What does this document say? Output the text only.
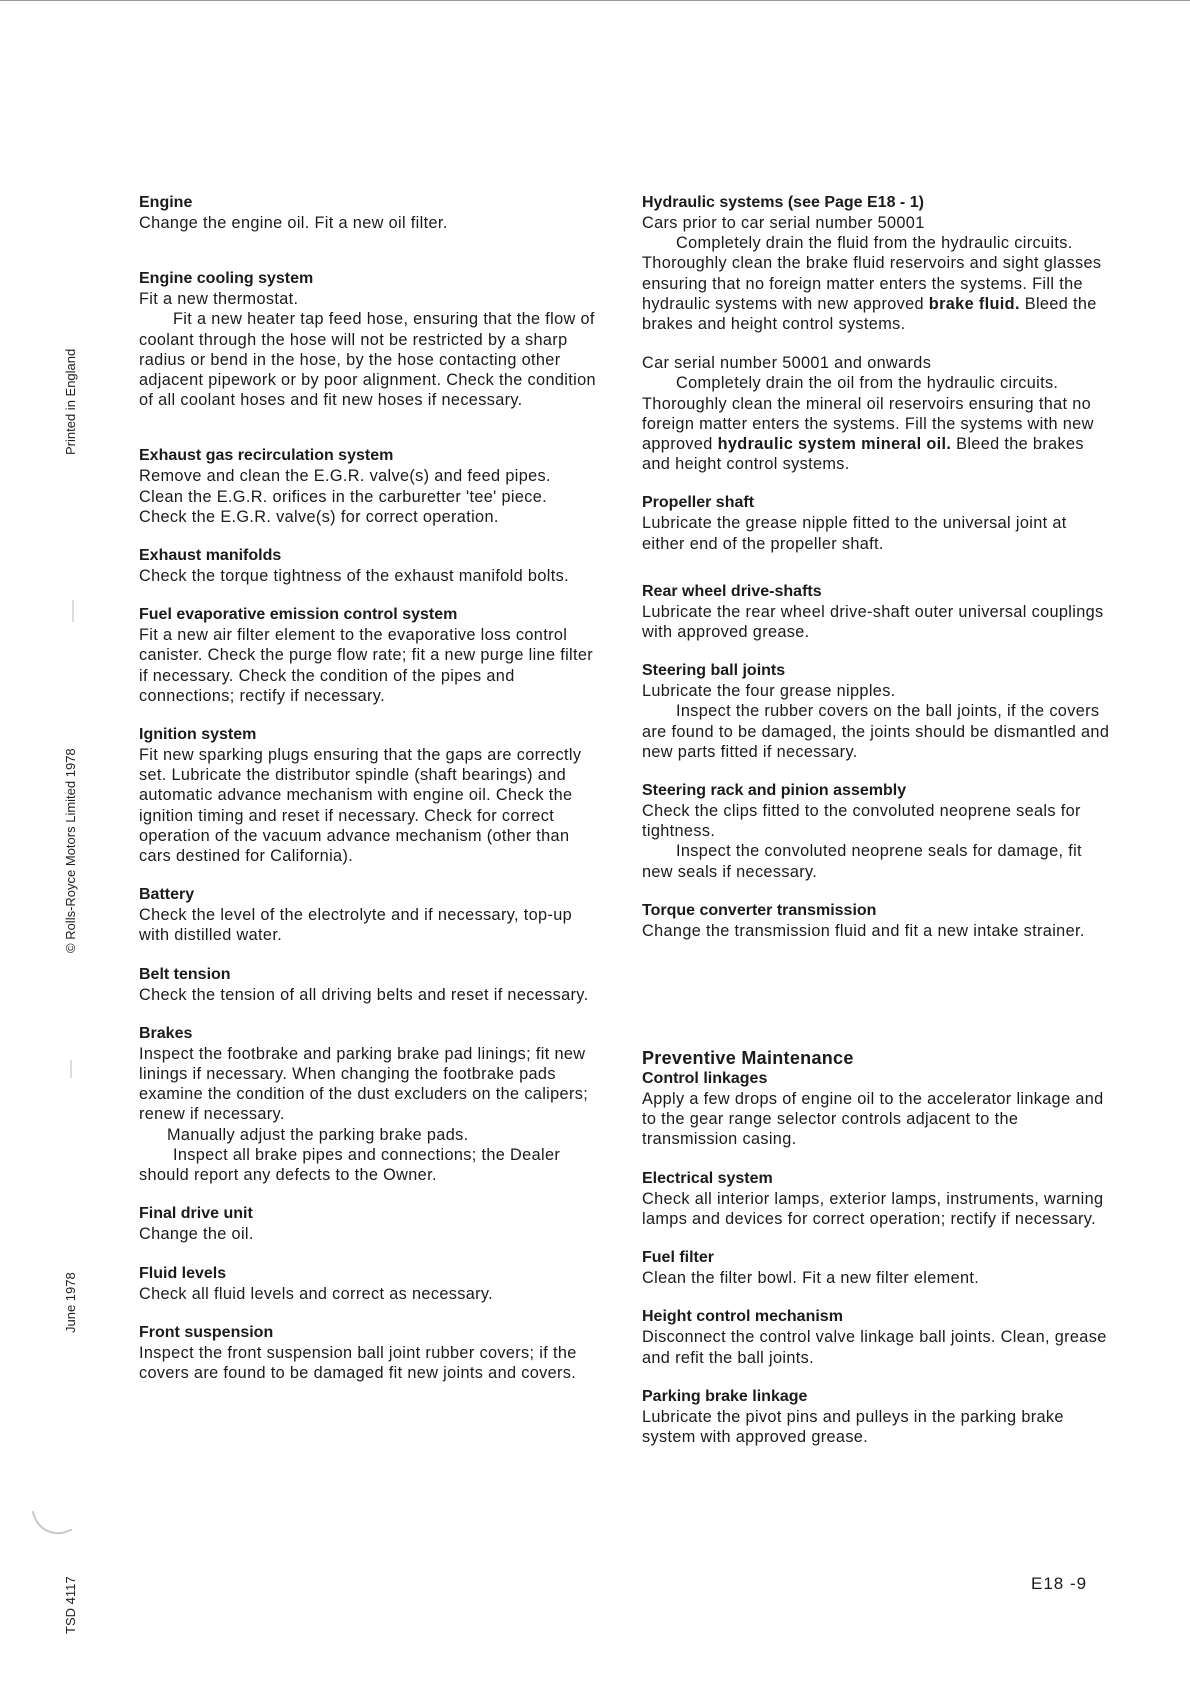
Printed in England
© Rolls-Royce Motors Limited 1978
June 1978
TSD 4117
Engine

Change the engine oil. Fit a new oil filter.

Engine cooling system

Fit a new thermostat.

Fit a new heater tap feed hose, ensuring that the flow of coolant through the hose will not be restricted by a sharp radius or bend in the hose, by the hose contacting other adjacent pipework or by poor alignment. Check the condition of all coolant hoses and fit new hoses if necessary.

Exhaust gas recirculation system

Remove and clean the E.G.R. valve(s) and feed pipes. Clean the E.G.R. orifices in the carburetter 'tee' piece. Check the E.G.R. valve(s) for correct operation.

Exhaust manifolds

Check the torque tightness of the exhaust manifold bolts.

Fuel evaporative emission control system

Fit a new air filter element to the evaporative loss control canister. Check the purge flow rate; fit a new purge line filter if necessary. Check the condition of the pipes and connections; rectify if necessary.

Ignition system

Fit new sparking plugs ensuring that the gaps are correctly set. Lubricate the distributor spindle (shaft bearings) and automatic advance mechanism with engine oil. Check the ignition timing and reset if necessary. Check for correct operation of the vacuum advance mechanism (other than cars destined for California).

Battery

Check the level of the electrolyte and if necessary, top-up with distilled water.

Belt tension

Check the tension of all driving belts and reset if necessary.

Brakes

Inspect the footbrake and parking brake pad linings; fit new linings if necessary. When changing the footbrake pads examine the condition of the dust excluders on the calipers; renew if necessary.

Manually adjust the parking brake pads.

Inspect all brake pipes and connections; the Dealer should report any defects to the Owner.

Final drive unit

Change the oil.

Fluid levels

Check all fluid levels and correct as necessary.

Front suspension

Inspect the front suspension ball joint rubber covers; if the covers are found to be damaged fit new joints and covers.

Hydraulic systems (see Page E18 - 1)

Cars prior to car serial number 50001

Completely drain the fluid from the hydraulic circuits. Thoroughly clean the brake fluid reservoirs and sight glasses ensuring that no foreign matter enters the systems. Fill the hydraulic systems with new approved brake fluid. Bleed the brakes and height control systems.

Car serial number 50001 and onwards

Completely drain the oil from the hydraulic circuits. Thoroughly clean the mineral oil reservoirs ensuring that no foreign matter enters the systems. Fill the systems with new approved hydraulic system mineral oil. Bleed the brakes and height control systems.

Propeller shaft

Lubricate the grease nipple fitted to the universal joint at either end of the propeller shaft.

Rear wheel drive-shafts

Lubricate the rear wheel drive-shaft outer universal couplings with approved grease.

Steering ball joints

Lubricate the four grease nipples.

Inspect the rubber covers on the ball joints, if the covers are found to be damaged, the joints should be dismantled and new parts fitted if necessary.

Steering rack and pinion assembly

Check the clips fitted to the convoluted neoprene seals for tightness.

Inspect the convoluted neoprene seals for damage, fit new seals if necessary.

Torque converter transmission

Change the transmission fluid and fit a new intake strainer.

Preventive Maintenance
Control linkages

Apply a few drops of engine oil to the accelerator linkage and to the gear range selector controls adjacent to the transmission casing.

Electrical system

Check all interior lamps, exterior lamps, instruments, warning lamps and devices for correct operation; rectify if necessary.

Fuel filter

Clean the filter bowl. Fit a new filter element.

Height control mechanism

Disconnect the control valve linkage ball joints. Clean, grease and refit the ball joints.

Parking brake linkage

Lubricate the pivot pins and pulleys in the parking brake system with approved grease.

E18 -9
